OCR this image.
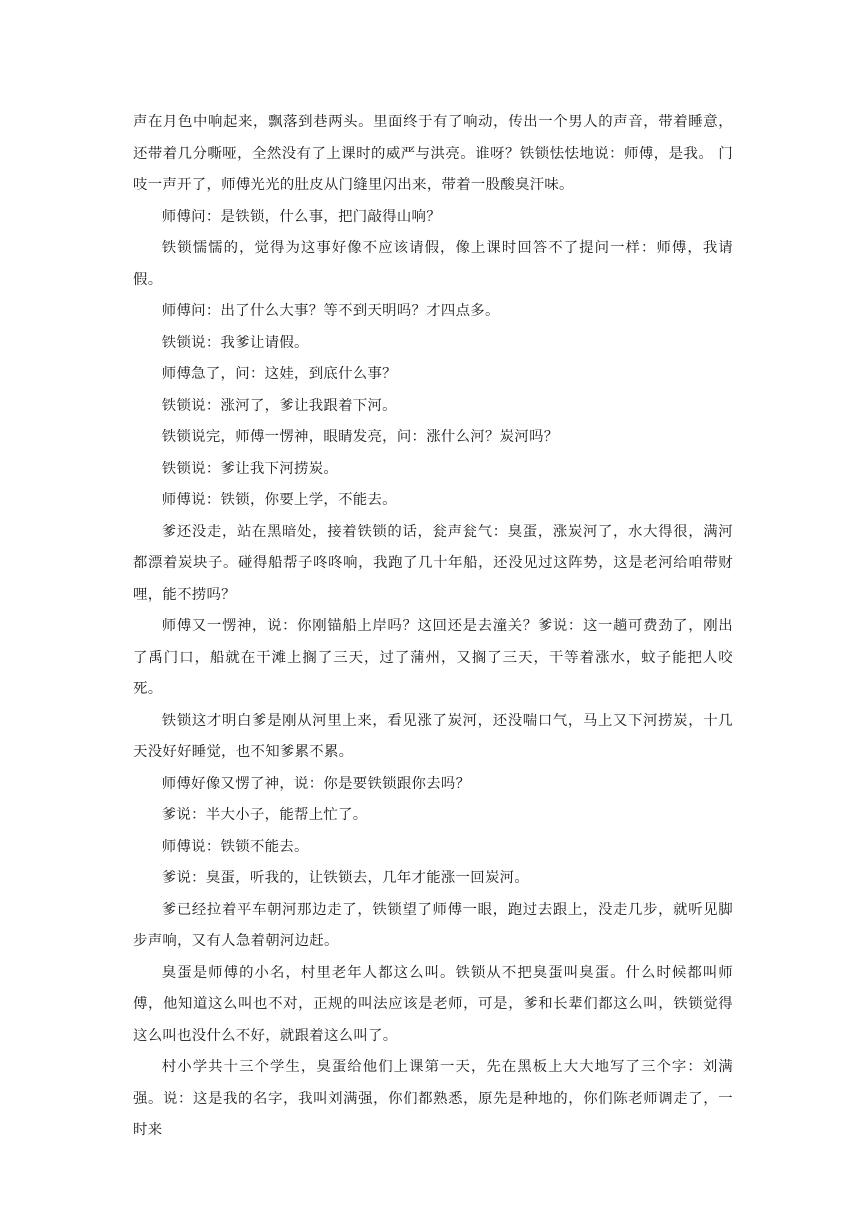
声在月色中响起来，飘落到巷两头。里面终于有了响动，传出一个男人的声音，带着睡意，还带着几分嘶哑，全然没有了上课时的威严与洪亮。谁呀？铁锁怯怯地说：师傅，是我。 门吱一声开了，师傅光光的肚皮从门缝里闪出来，带着一股酸臭汗味。

师傅问：是铁锁，什么事，把门敲得山响？

铁锁懦懦的，觉得为这事好像不应该请假，像上课时回答不了提问一样：师傅，我请假。

师傅问：出了什么大事？等不到天明吗？才四点多。

铁锁说：我爹让请假。

师傅急了，问：这娃，到底什么事？

铁锁说：涨河了，爹让我跟着下河。

铁锁说完，师傅一愣神，眼睛发亮，问：涨什么河？炭河吗？

铁锁说：爹让我下河捞炭。

师傅说：铁锁，你要上学，不能去。

爹还没走，站在黑暗处，接着铁锁的话，瓮声瓮气：臭蛋，涨炭河了，水大得很，满河都漂着炭块子。碰得船帮子咚咚响，我跑了几十年船，还没见过这阵势，这是老河给咱带财哩，能不捞吗？

师傅又一愣神，说：你刚锚船上岸吗？这回还是去潼关？爹说：这一趟可费劲了，刚出了禹门口，船就在干滩上搁了三天，过了蒲州，又搁了三天，干等着涨水，蚊子能把人咬死。

铁锁这才明白爹是刚从河里上来，看见涨了炭河，还没喘口气，马上又下河捞炭，十几天没好好睡觉，也不知爹累不累。

师傅好像又愣了神，说：你是要铁锁跟你去吗？

爹说：半大小子，能帮上忙了。

师傅说：铁锁不能去。

爹说：臭蛋，听我的，让铁锁去，几年才能涨一回炭河。

爹已经拉着平车朝河那边走了，铁锁望了师傅一眼，跑过去跟上，没走几步，就听见脚步声响，又有人急着朝河边赶。

臭蛋是师傅的小名，村里老年人都这么叫。铁锁从不把臭蛋叫臭蛋。什么时候都叫师傅，他知道这么叫也不对，正规的叫法应该是老师，可是，爹和长辈们都这么叫，铁锁觉得这么叫也没什么不好，就跟着这么叫了。

村小学共十三个学生，臭蛋给他们上课第一天，先在黑板上大大地写了三个字：刘满强。说：这是我的名字，我叫刘满强，你们都熟悉，原先是种地的，你们陈老师调走了，一时来
